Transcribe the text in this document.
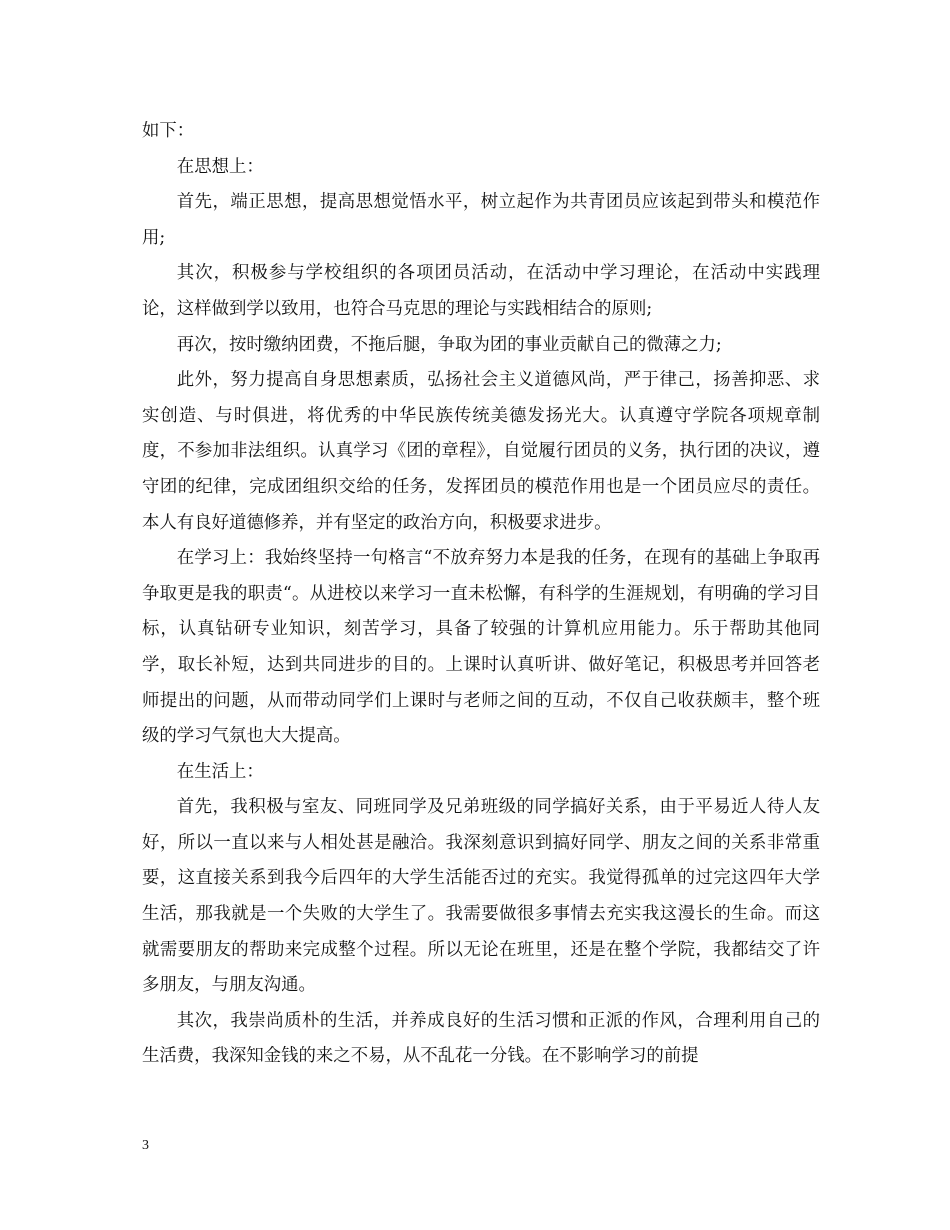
如下：

在思想上：

首先，端正思想，提高思想觉悟水平，树立起作为共青团员应该起到带头和模范作用;

其次，积极参与学校组织的各项团员活动，在活动中学习理论，在活动中实践理论，这样做到学以致用，也符合马克思的理论与实践相结合的原则;

再次，按时缴纳团费，不拖后腿，争取为团的事业贡献自己的微薄之力;

此外，努力提高自身思想素质，弘扬社会主义道德风尚，严于律己，扬善抑恶、求实创造、与时俱进，将优秀的中华民族传统美德发扬光大。认真遵守学院各项规章制度，不参加非法组织。认真学习《团的章程》，自觉履行团员的义务，执行团的决议，遵守团的纪律，完成团组织交给的任务，发挥团员的模范作用也是一个团员应尽的责任。本人有良好道德修养，并有坚定的政治方向，积极要求进步。

在学习上：我始终坚持一句格言“不放弃努力本是我的任务，在现有的基础上争取再争取更是我的职责“。从进校以来学习一直未松懈，有科学的生涯规划，有明确的学习目标，认真钻研专业知识，刻苦学习，具备了较强的计算机应用能力。乐于帮助其他同学，取长补短，达到共同进步的目的。上课时认真听讲、做好笔记，积极思考并回答老师提出的问题，从而带动同学们上课时与老师之间的互动，不仅自己收获颇丰，整个班级的学习气氛也大大提高。

在生活上：

首先，我积极与室友、同班同学及兄弟班级的同学搞好关系，由于平易近人待人友好，所以一直以来与人相处甚是融洽。我深刻意识到搞好同学、朋友之间的关系非常重要，这直接关系到我今后四年的大学生活能否过的充实。我觉得孤单的过完这四年大学生活，那我就是一个失败的大学生了。我需要做很多事情去充实我这漫长的生命。而这就需要朋友的帮助来完成整个过程。所以无论在班里，还是在整个学院，我都结交了许多朋友，与朋友沟通。

其次，我崇尚质朴的生活，并养成良好的生活习惯和正派的作风，合理利用自己的生活费，我深知金钱的来之不易，从不乱花一分钱。在不影响学习的前提

3
